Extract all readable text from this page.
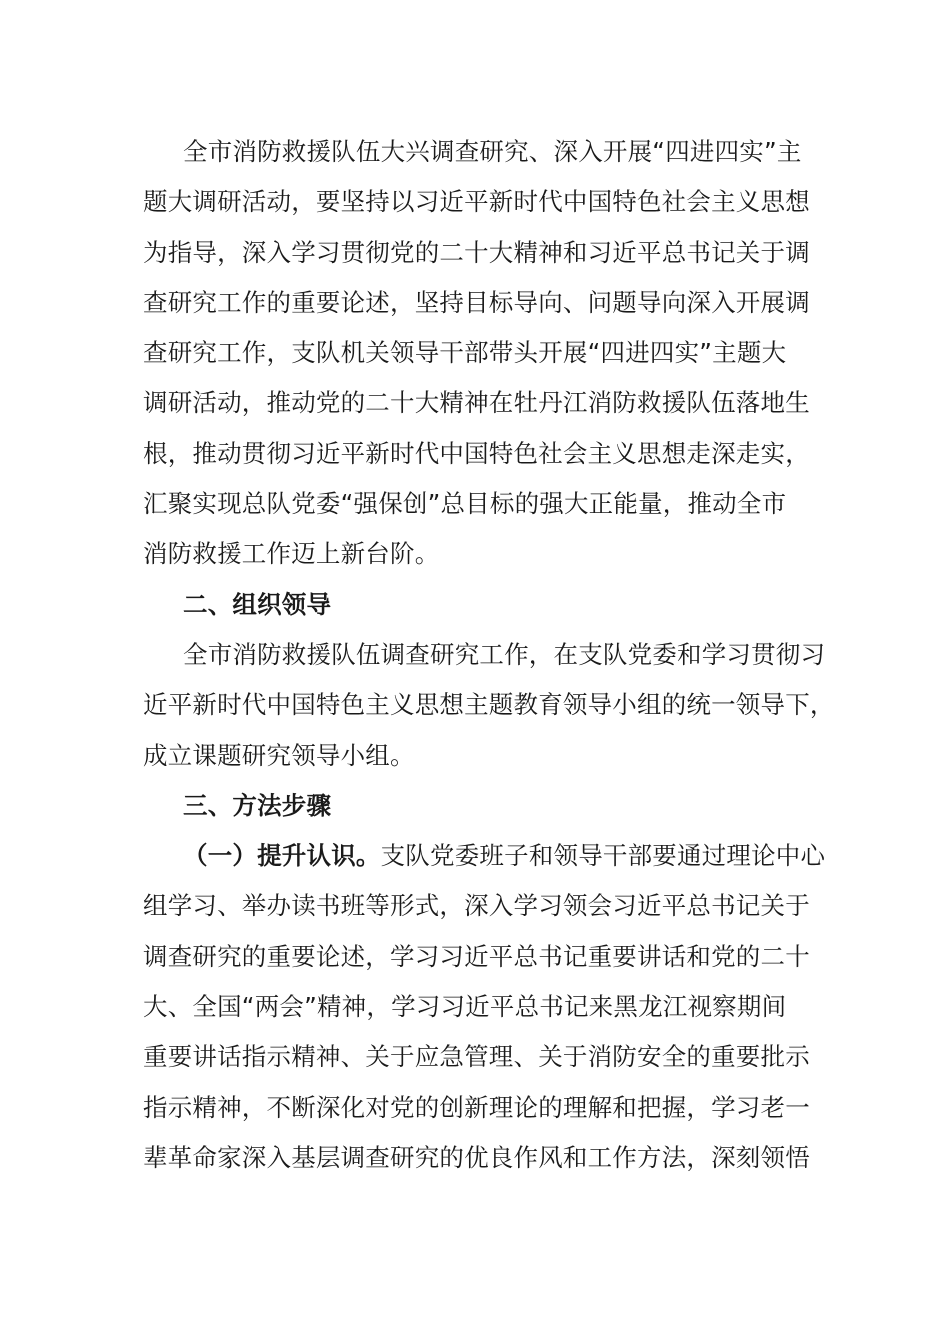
全市消防救援队伍大兴调查研究、深入开展“四进四实”主
题大调研活动，要坚持以习近平新时代中国特色社会主义思想
为指导，深入学习贯彻党的二十大精神和习近平总书记关于调
查研究工作的重要论述，坚持目标导向、问题导向深入开展调
查研究工作，支队机关领导干部带头开展“四进四实”主题大
调研活动，推动党的二十大精神在牡丹江消防救援队伍落地生
根，推动贯彻习近平新时代中国特色社会主义思想走深走实，
汇聚实现总队党委“强保创”总目标的强大正能量，推动全市
消防救援工作迈上新台阶。
二、组织领导
全市消防救援队伍调查研究工作，在支队党委和学习贯彻习
近平新时代中国特色主义思想主题教育领导小组的统一领导下，
成立课题研究领导小组。
三、方法步骤
（一）提升认识。支队党委班子和领导干部要通过理论中心
组学习、举办读书班等形式，深入学习领会习近平总书记关于
调查研究的重要论述，学习习近平总书记重要讲话和党的二十
大、全国“两会”精神，学习习近平总书记来黑龙江视察期间
重要讲话指示精神、关于应急管理、关于消防安全的重要批示
指示精神，不断深化对党的创新理论的理解和把握，学习老一
辈革命家深入基层调查研究的优良作风和工作方法，深刻领悟
